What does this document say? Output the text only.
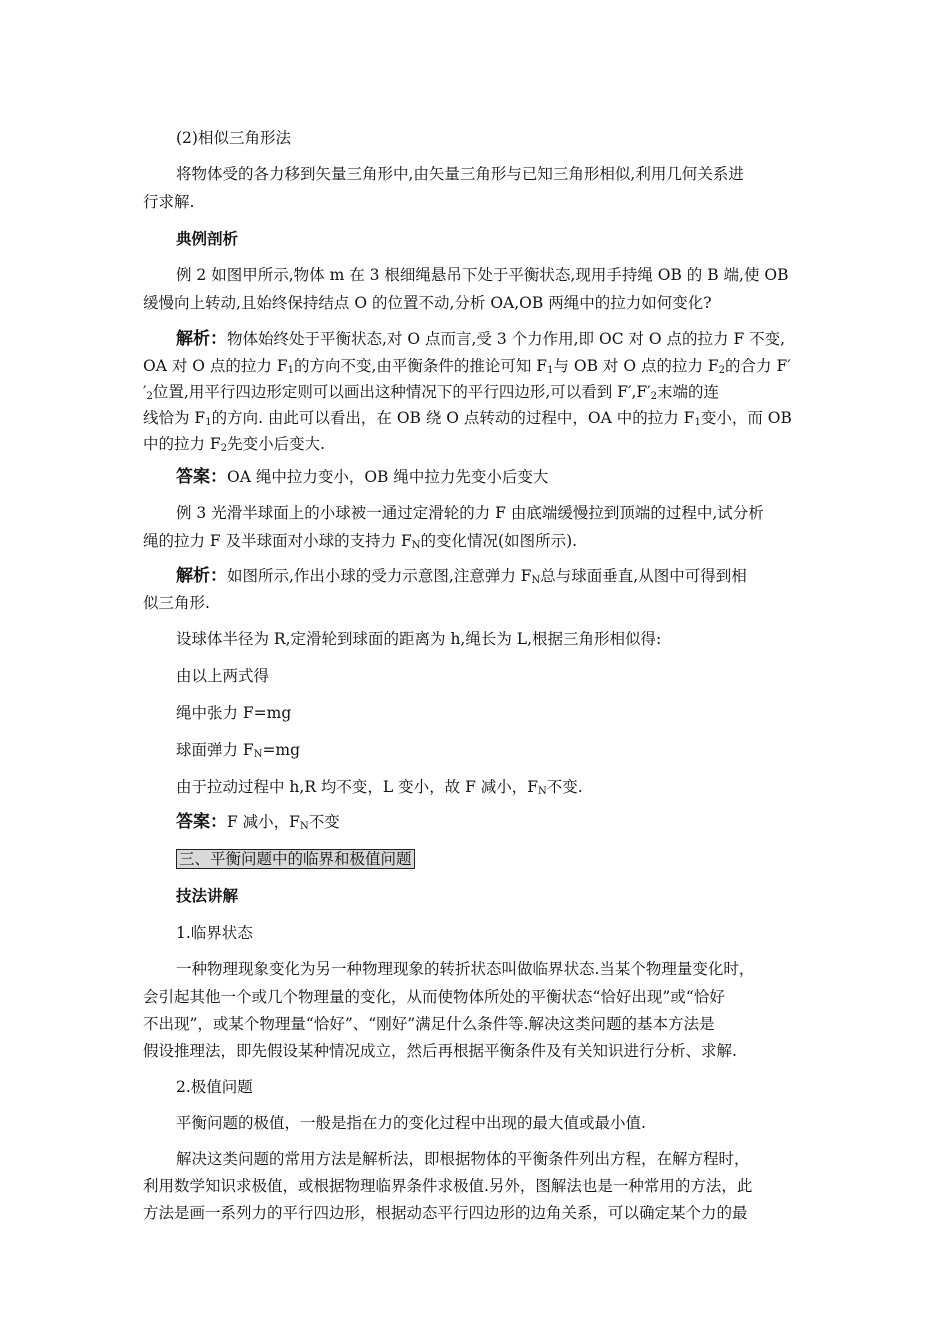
(2)相似三角形法
将物体受的各力移到矢量三角形中,由矢量三角形与已知三角形相似,利用几何关系进
行求解.
典例剖析
例 2 如图甲所示,物体 m 在 3 根细绳悬吊下处于平衡状态,现用手持绳 OB 的 B 端,使 OB
缓慢向上转动,且始终保持结点 O 的位置不动,分析 OA,OB 两绳中的拉力如何变化?
解析：物体始终处于平衡状态,对 O 点而言,受 3 个力作用,即 OC 对 O 点的拉力 F 不变,
OA 对 O 点的拉力 $F_1$的方向不变,由平衡条件的推论可知 $F_1$与 OB 对 O 点的拉力 $F_2$的合力 F′
$'_2$位置,用平行四边形定则可以画出这种情况下的平行四边形,可以看到 $F',F'_2$末端的连
线恰为 $F_1$的方向. 由此可以看出，在 OB 绕 O 点转动的过程中，OA 中的拉力 $F_1$变小，而 OB
中的拉力 $F_2$先变小后变大.
答案：OA 绳中拉力变小，OB 绳中拉力先变小后变大
例 3 光滑半球面上的小球被一通过定滑轮的力 F 由底端缓慢拉到顶端的过程中,试分析
绳的拉力 F 及半球面对小球的支持力 $F_N$的变化情况(如图所示).
解析：如图所示,作出小球的受力示意图,注意弹力 $F_N$总与球面垂直,从图中可得到相
似三角形.
设球体半径为 R,定滑轮到球面的距离为 h,绳长为 L,根据三角形相似得:
由以上两式得
绳中张力 F=mg
球面弹力 $F_N=mg$
由于拉动过程中 h,R 均不变，L 变小，故 F 减小，$F_N$不变.
答案：F 减小，$F_N$不变
三、平衡问题中的临界和极值问题
技法讲解
1.临界状态
一种物理现象变化为另一种物理现象的转折状态叫做临界状态.当某个物理量变化时，
会引起其他一个或几个物理量的变化，从而使物体所处的平衡状态“恰好出现”或“恰好
不出现”，或某个物理量“恰好”、“刚好”满足什么条件等.解决这类问题的基本方法是
假设推理法，即先假设某种情况成立，然后再根据平衡条件及有关知识进行分析、求解.
2.极值问题
平衡问题的极值，一般是指在力的变化过程中出现的最大值或最小值.
解决这类问题的常用方法是解析法，即根据物体的平衡条件列出方程，在解方程时，
利用数学知识求极值，或根据物理临界条件求极值.另外，图解法也是一种常用的方法，此
方法是画一系列力的平行四边形，根据动态平行四边形的边角关系，可以确定某个力的最
